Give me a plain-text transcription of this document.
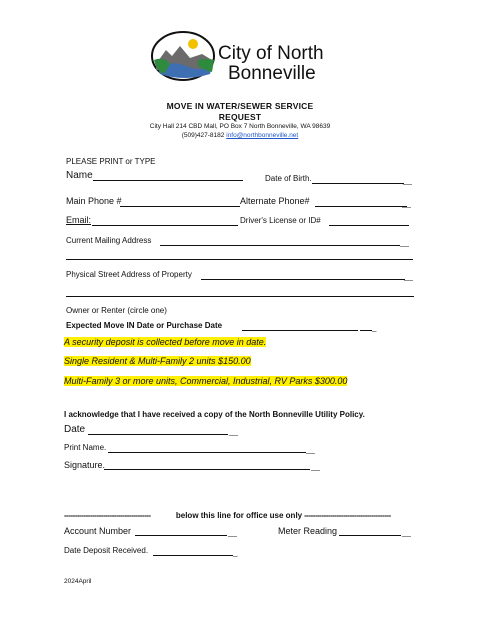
City of North
Bonneville
MOVE IN WATER/SEWER SERVICE
REQUEST
City Hall 214 CBD Mall, PO Box 7 North Bonneville, WA 98639
(509)427-8182 info@northbonneville.net
PLEASE PRINT or TYPE
Name	Date of Birth.	__
Main Phone #	Alternate Phone#	__
Email:	Driver's License or ID#
Current Mailing Address	__
Physical Street Address of Property	__
Owner or Renter (circle one)
Expected Move IN Date or Purchase Date	_
A security deposit is collected before move in date.
Single Resident & Multi-Family 2 units $150.00
Multi-Family 3 or more units, Commercial, Industrial, RV Parks $300.00
I acknowledge that I have received a copy of the North Bonneville Utility Policy.
Date	__
Print Name.	__
Signature.	__
----------------------------------------	below this line for office use only ----------------------------------------
Account Number	__	Meter Reading	__
Date Deposit Received.	_
2024April
